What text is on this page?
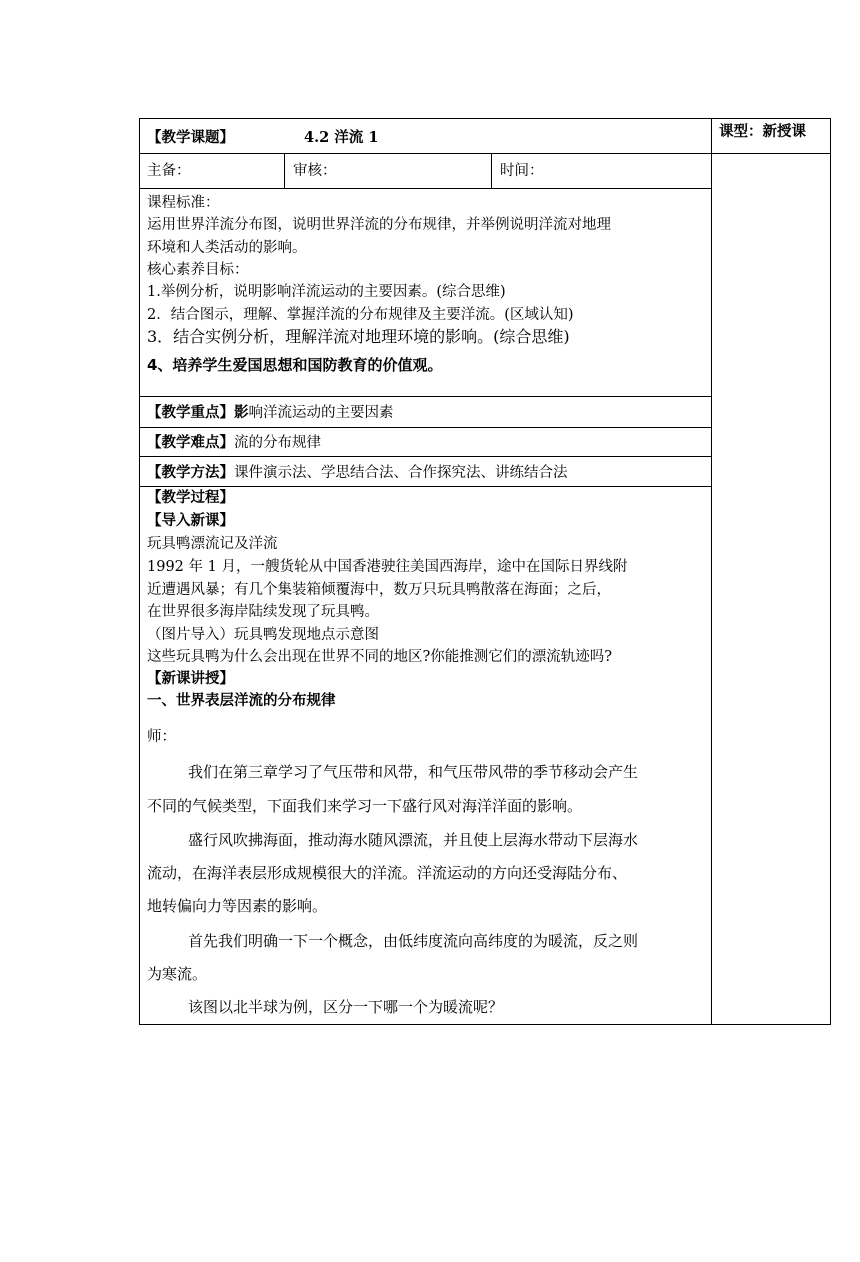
【教学课题】	4.2 洋流 1	课型：新授课
主备：	审核：	时间：
课程标准：
运用世界洋流分布图，说明世界洋流的分布规律，并举例说明洋流对地理
环境和人类活动的影响。
核心素养目标：
1.举例分析，说明影响洋流运动的主要因素。(综合思维)
2．结合图示，理解、掌握洋流的分布规律及主要洋流。(区域认知)
3．结合实例分析，理解洋流对地理环境的影响。(综合思维)
4、培养学生爱国思想和国防教育的价值观。
【教学重点】影响洋流运动的主要因素
【教学难点】流的分布规律
【教学方法】课件演示法、学思结合法、合作探究法、讲练结合法
【教学过程】
【导入新课】
玩具鸭漂流记及洋流
1992 年 1 月，一艘货轮从中国香港驶往美国西海岸，途中在国际日界线附
近遭遇风暴；有几个集装箱倾覆海中，数万只玩具鸭散落在海面；之后，
在世界很多海岸陆续发现了玩具鸭。
（图片导入）玩具鸭发现地点示意图
这些玩具鸭为什么会出现在世界不同的地区?你能推测它们的漂流轨迹吗?
【新课讲授】
一、世界表层洋流的分布规律
师：
我们在第三章学习了气压带和风带，和气压带风带的季节移动会产生
不同的气候类型，下面我们来学习一下盛行风对海洋洋面的影响。
盛行风吹拂海面，推动海水随风漂流，并且使上层海水带动下层海水
流动，在海洋表层形成规模很大的洋流。洋流运动的方向还受海陆分布、
地转偏向力等因素的影响。
首先我们明确一下一个概念，由低纬度流向高纬度的为暖流，反之则
为寒流。
该图以北半球为例，区分一下哪一个为暖流呢？
